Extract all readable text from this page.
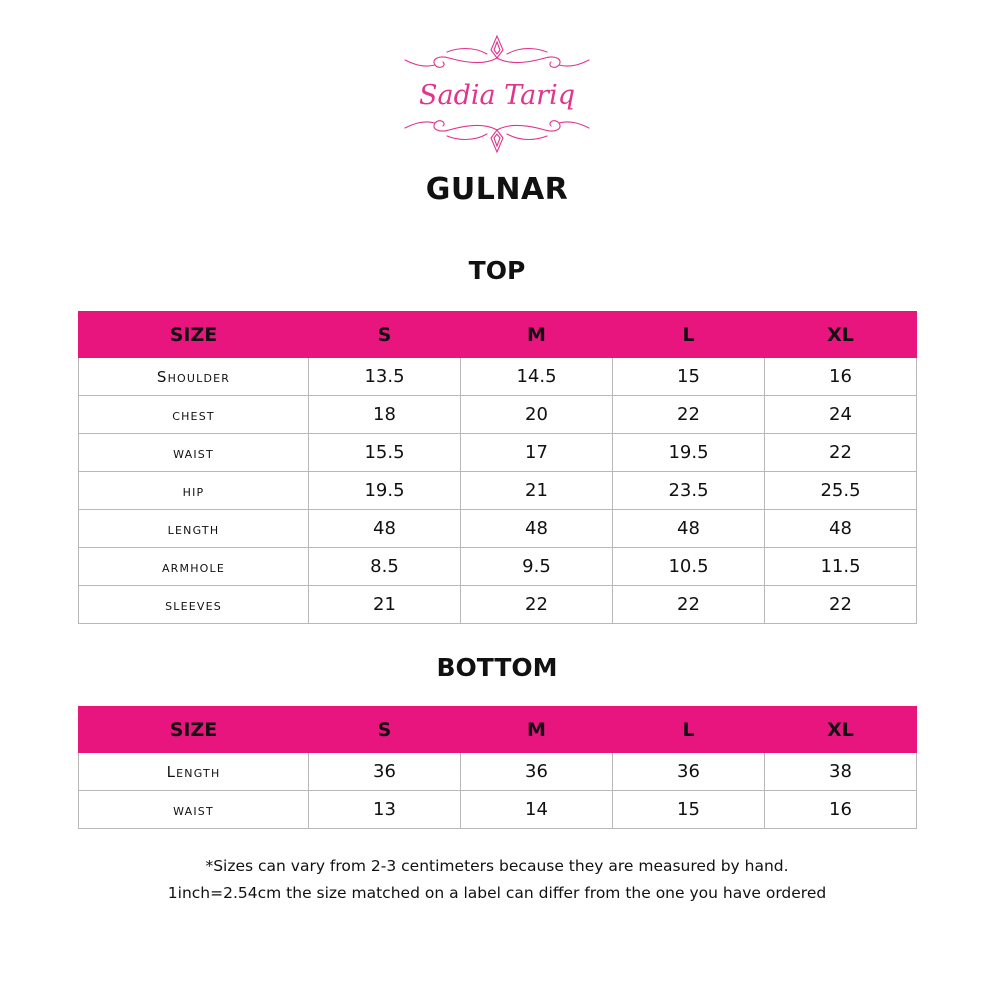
Sadia Tariq
GULNAR
TOP
SIZE	S	M	L	XL
Shoulder	13.5	14.5	15	16
chest	18	20	22	24
waist	15.5	17	19.5	22
hip	19.5	21	23.5	25.5
length	48	48	48	48
armhole	8.5	9.5	10.5	11.5
sleeves	21	22	22	22
BOTTOM
SIZE	S	M	L	XL
Length	36	36	36	38
waist	13	14	15	16

*Sizes can vary from 2-3 centimeters because they are measured by hand.

1inch=2.54cm the size matched on a label can differ from the one you have ordered
